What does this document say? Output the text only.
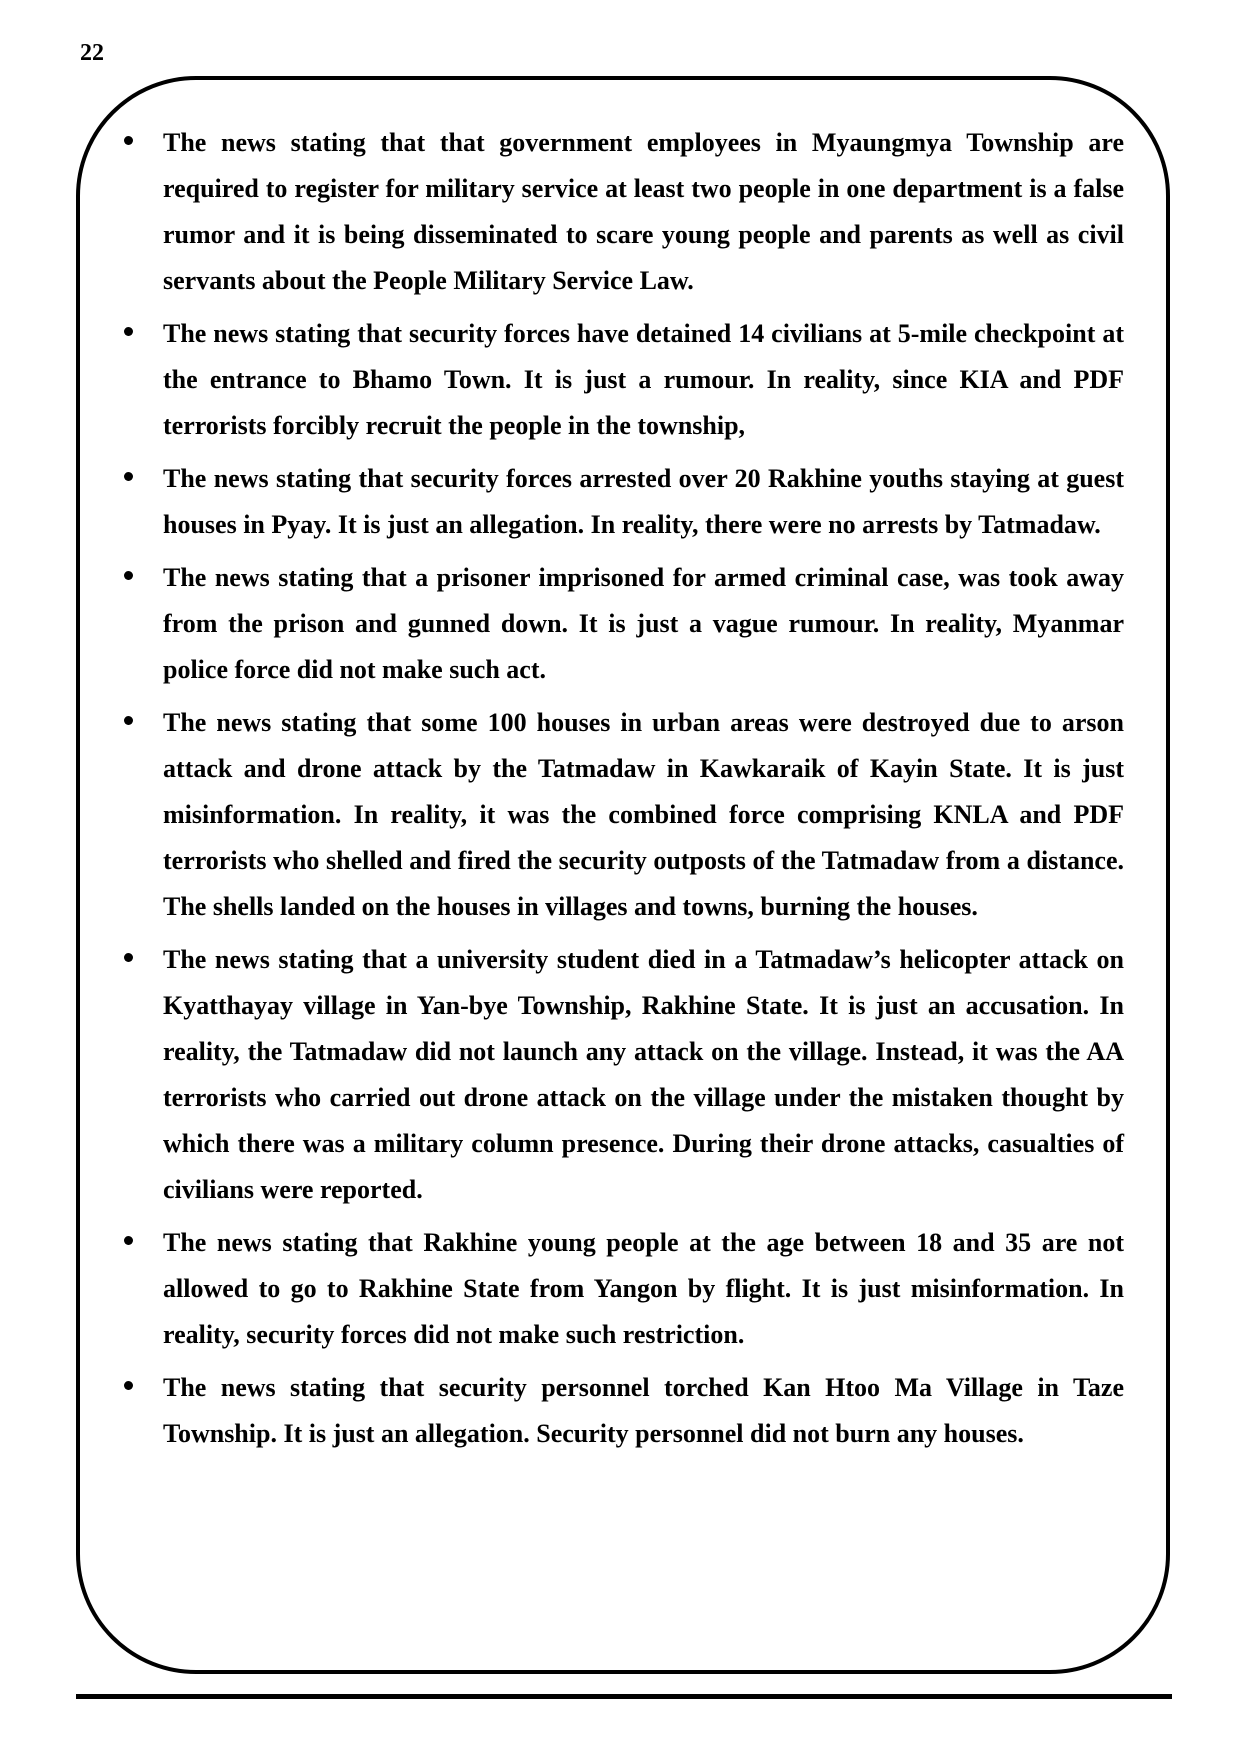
22
The news stating that that government employees in Myaungmya Township are required to register for military service at least two people in one department is a false rumor and it is being disseminated to scare young people and parents as well as civil servants about the People Military Service Law.
The news stating that security forces have detained 14 civilians at 5-mile checkpoint at the entrance to Bhamo Town. It is just a rumour. In reality, since KIA and PDF terrorists forcibly recruit the people in the township,
The news stating that security forces arrested over 20 Rakhine youths staying at guest houses in Pyay. It is just an allegation. In reality, there were no arrests by Tatmadaw.
The news stating that a prisoner imprisoned for armed criminal case, was took away from the prison and gunned down. It is just a vague rumour. In reality, Myanmar police force did not make such act.
The news stating that some 100 houses in urban areas were destroyed due to arson attack and drone attack by the Tatmadaw in Kawkaraik of Kayin State. It is just misinformation. In reality, it was the combined force comprising KNLA and PDF terrorists who shelled and fired the security outposts of the Tatmadaw from a distance. The shells landed on the houses in villages and towns, burning the houses.
The news stating that a university student died in a Tatmadaw’s helicopter attack on Kyatthayay village in Yan-bye Township, Rakhine State. It is just an accusation. In reality, the Tatmadaw did not launch any attack on the village. Instead, it was the AA terrorists who carried out drone attack on the village under the mistaken thought by which there was a military column presence. During their drone attacks, casualties of civilians were reported.
The news stating that Rakhine young people at the age between 18 and 35 are not allowed to go to Rakhine State from Yangon by flight. It is just misinformation. In reality, security forces did not make such restriction.
The news stating that security personnel torched Kan Htoo Ma Village in Taze Township. It is just an allegation. Security personnel did not burn any houses.
